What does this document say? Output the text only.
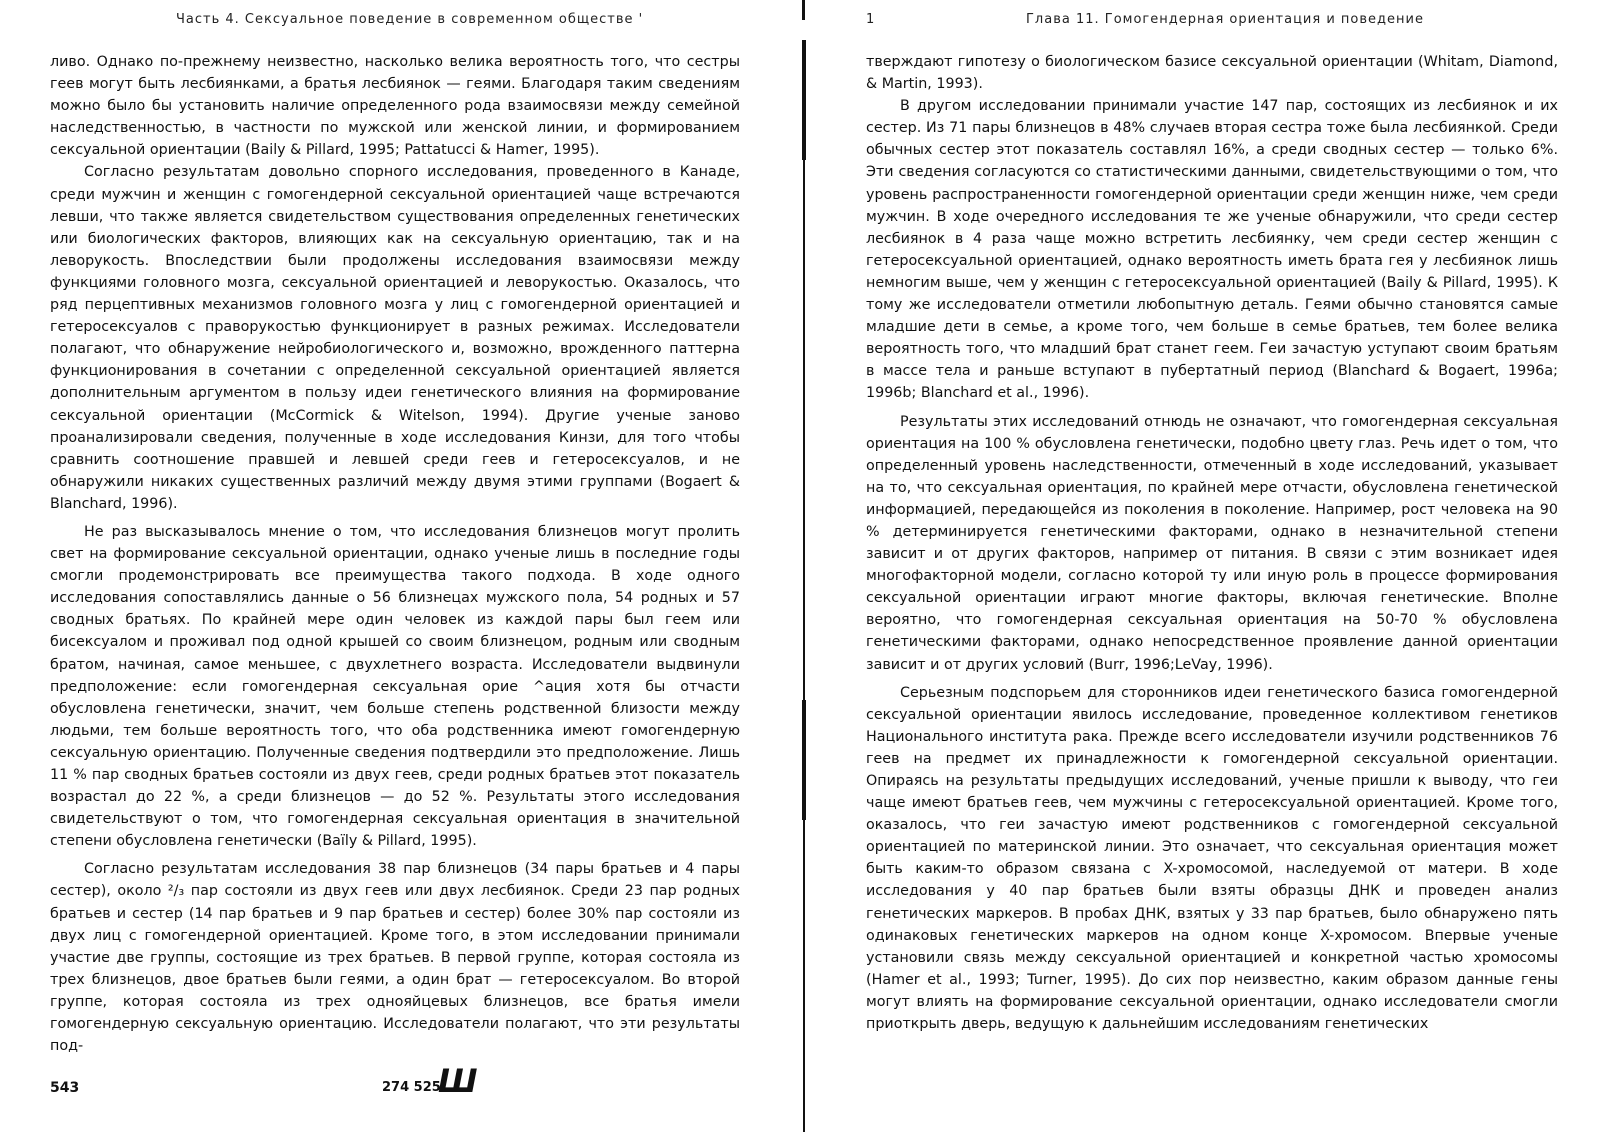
Часть 4. Сексуальное поведение в современном обществе '

ливо. Однако по-прежнему неизвестно, насколько велика вероятность того, что сестры геев могут быть лесбиянками, а братья лесбиянок — геями. Благодаря таким сведениям можно было бы установить наличие определенного рода взаимосвязи между семейной наследственностью, в частности по мужской или женской линии, и формированием сексуальной ориентации (Baily & Pillard, 1995; Pattatucci & Hamer, 1995).

Согласно результатам довольно спорного исследования, проведенного в Канаде, среди мужчин и женщин с гомогендерной сексуальной ориентацией чаще встречаются левши, что также является свидетельством существования определенных генетических или биологических факторов, влияющих как на сексуальную ориентацию, так и на леворукость. Впоследствии были продолжены исследования взаимосвязи между функциями головного мозга, сексуальной ориентацией и леворукостью. Оказалось, что ряд перцептивных механизмов головного мозга у лиц с гомогендерной ориентацией и гетеросексуалов с праворукостью функционирует в разных режимах. Исследователи полагают, что обнаружение нейробиологического и, возможно, врожденного паттерна функционирования в сочетании с определенной сексуальной ориентацией является дополнительным аргументом в пользу идеи генетического влияния на формирование сексуальной ориентации (McCormick & Witelson, 1994). Другие ученые заново проанализировали сведения, полученные в ходе исследования Кинзи, для того чтобы сравнить соотношение правшей и левшей среди геев и гетеросексуалов, и не обнаружили никаких существенных различий между двумя этими группами (Bogaert & Blanchard, 1996).

Не раз высказывалось мнение о том, что исследования близнецов могут пролить свет на формирование сексуальной ориентации, однако ученые лишь в последние годы смогли продемонстрировать все преимущества такого подхода. В ходе одного исследования сопоставлялись данные о 56 близнецах мужского пола, 54 родных и 57 сводных братьях. По крайней мере один человек из каждой пары был геем или бисексуалом и проживал под одной крышей со своим близнецом, родным или сводным братом, начиная, самое меньшее, с двухлетнего возраста. Исследователи выдвинули предположение: если гомогендерная сексуальная орие ^ация хотя бы отчасти обусловлена генетически, значит, чем больше степень родственной близости между людьми, тем больше вероятность того, что оба родственника имеют гомогендерную сексуальную ориентацию. Полученные сведения подтвердили это предположение. Лишь 11 % пар сводных братьев состояли из двух геев, среди родных братьев этот показатель возрастал до 22 %, а среди близнецов — до 52 %. Результаты этого исследования свидетельствуют о том, что гомогендерная сексуальная ориентация в значительной степени обусловлена генетически (Baïly & Pillard, 1995).

Согласно результатам исследования 38 пар близнецов (34 пары братьев и 4 пары сестер), около ²/₃ пар состояли из двух геев или двух лесбиянок. Среди 23 пар родных братьев и сестер (14 пар братьев и 9 пар братьев и сестер) более 30% пар состояли из двух лиц с гомогендерной ориентацией. Кроме того, в этом исследовании принимали участие две группы, состоящие из трех братьев. В первой группе, которая состояла из трех близнецов, двое братьев были геями, а один брат — гетеросексуалом. Во второй группе, которая состояла из трех однояйцевых близнецов, все братья имели гомогендерную сексуальную ориентацию. Исследователи полагают, что эти результаты под-

543	274 525
Ш
1	Глава 11. Гомогендерная ориентация и поведение

тверждают гипотезу о биологическом базисе сексуальной ориентации (Whitam, Diamond, & Martin, 1993).

В другом исследовании принимали участие 147 пар, состоящих из лесбиянок и их сестер. Из 71 пары близнецов в 48% случаев вторая сестра тоже была лесбиянкой. Среди обычных сестер этот показатель составлял 16%, а среди сводных сестер — только 6%. Эти сведения согласуются со статистическими данными, свидетельствующими о том, что уровень распространенности гомогендерной ориентации среди женщин ниже, чем среди мужчин. В ходе очередного исследования те же ученые обнаружили, что среди сестер лесбиянок в 4 раза чаще можно встретить лесбиянку, чем среди сестер женщин с гетеросексуальной ориентацией, однако вероятность иметь брата гея у лесбиянок лишь немногим выше, чем у женщин с гетеросексуальной ориентацией (Baily & Pillard, 1995). К тому же исследователи отметили любопытную деталь. Геями обычно становятся самые младшие дети в семье, а кроме того, чем больше в семье братьев, тем более велика вероятность того, что младший брат станет геем. Геи зачастую уступают своим братьям в массе тела и раньше вступают в пубертатный период (Blanchard & Bogaert, 1996a; 1996b; Blanchard et al., 1996).

Результаты этих исследований отнюдь не означают, что гомогендерная сексуальная ориентация на 100 % обусловлена генетически, подобно цвету глаз. Речь идет о том, что определенный уровень наследственности, отмеченный в ходе исследований, указывает на то, что сексуальная ориентация, по крайней мере отчасти, обусловлена генетической информацией, передающейся из поколения в поколение. Например, рост человека на 90 % детерминируется генетическими факторами, однако в незначительной степени зависит и от других факторов, например от питания. В связи с этим возникает идея многофакторной модели, согласно которой ту или иную роль в процессе формирования сексуальной ориентации играют многие факторы, включая генетические. Вполне вероятно, что гомогендерная сексуальная ориентация на 50-70 % обусловлена генетическими факторами, однако непосредственное проявление данной ориентации зависит и от других условий (Burr, 1996;LeVay, 1996).

Серьезным подспорьем для сторонников идеи генетического базиса гомогендерной сексуальной ориентации явилось исследование, проведенное коллективом генетиков Национального института рака. Прежде всего исследователи изучили родственников 76 геев на предмет их принадлежности к гомогендерной сексуальной ориентации. Опираясь на результаты предыдущих исследований, ученые пришли к выводу, что геи чаще имеют братьев геев, чем мужчины с гетеросексуальной ориентацией. Кроме того, оказалось, что геи зачастую имеют родственников с гомогендерной сексуальной ориентацией по материнской линии. Это означает, что сексуальная ориентация может быть каким-то образом связана с X-хромосомой, наследуемой от матери. В ходе исследования у 40 пар братьев были взяты образцы ДНК и проведен анализ генетических маркеров. В пробах ДНК, взятых у 33 пар братьев, было обнаружено пять одинаковых генетических маркеров на одном конце X-хромосом. Впервые ученые установили связь между сексуальной ориентацией и конкретной частью хромосомы (Hamer et al., 1993; Turner, 1995). До сих пор неизвестно, каким образом данные гены могут влиять на формирование сексуальной ориентации, однако исследователи смогли приоткрыть дверь, ведущую к дальнейшим исследованиям генетических
